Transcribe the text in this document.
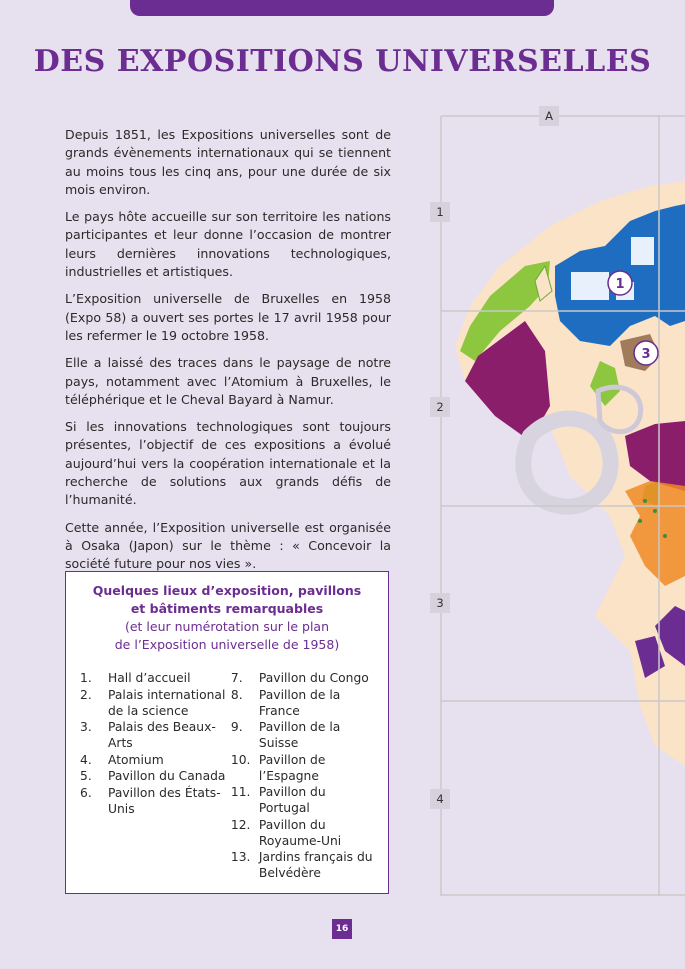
DES EXPOSITIONS UNIVERSELLES

Depuis 1851, les Expositions universelles sont de grands évènements internationaux qui se tiennent au moins tous les cinq ans, pour une durée de six mois environ.

Le pays hôte accueille sur son territoire les nations participantes et leur donne l’occasion de montrer leurs dernières innovations technologiques, industrielles et artistiques.

L’Exposition universelle de Bruxelles en 1958 (Expo 58) a ouvert ses portes le 17 avril 1958 pour les refermer le 19 octobre 1958.

Elle a laissé des traces dans le paysage de notre pays, notamment avec l’Atomium à Bruxelles, le téléphérique et le Cheval Bayard à Namur.

Si les innovations technologiques sont toujours présentes, l’objectif de ces expositions a évolué aujourd’hui vers la coopération internationale et la recherche de solutions aux grands défis de l’humanité.

Cette année, l’Exposition universelle est organisée à Osaka (Japon) sur le thème : « Concevoir la société future pour nos vies ».

Quelques lieux d’exposition, pavillons
et bâtiments remarquables
(et leur numérotation sur le plan
de l’Exposition universelle de 1958)
1.	Hall d’accueil
2.	Palais international de la science
3.	Palais des Beaux-Arts
4.	Atomium
5.	Pavillon du Canada
6.	Pavillon des États-Unis
7.	Pavillon du Congo
8.	Pavillon de la France
9.	Pavillon de la Suisse
10. Pavillon de l’Espagne
11. Pavillon du Portugal
12. Pavillon du Royaume-Uni
13. Jardins français du Belvédère
1
3
A
1
2
3
4
16
